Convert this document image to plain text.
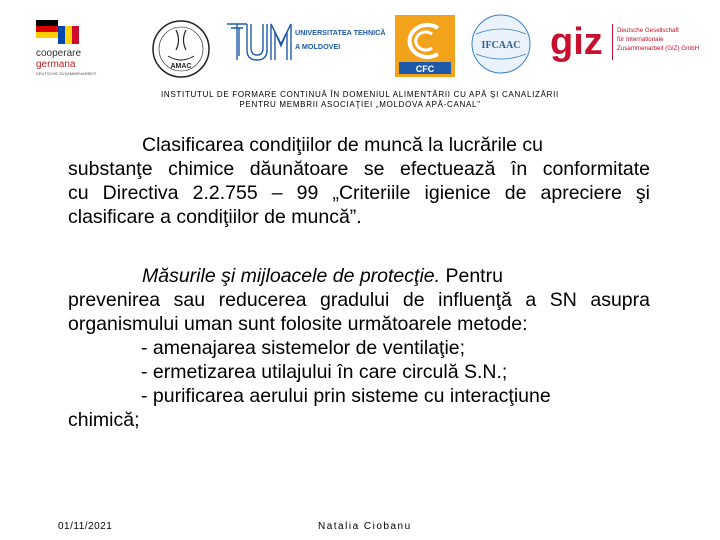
cooperare
germana
DEUTSCHE ZUSAMMENARBEIT
AMAC
UNIVERSITATEA TEHNICĂ
A MOLDOVEI
CFC
IFCAAC giz Deutsche Gesellschaft
für Internationale
Zusammenarbeit (GIZ) GmbH
INSTITUTUL DE FORMARE CONTINUĂ ÎN DOMENIUL ALIMENTĂRII CU APĂ ŞI CANALIZĂRII
PENTRU MEMBRII ASOCIAŢIEI „MOLDOVA APĂ-CANAL”
Clasificarea condiţiilor de muncă la lucrările cu
substanţe chimice dăunătoare se efectuează în conformitate
cu Directiva 2.2.755 – 99 „Criteriile igienice de apreciere şi
clasificare a condiţiilor de muncă”.
Măsurile şi mijloacele de protecţie. Pentru
prevenirea sau reducerea gradului de influenţă a SN asupra
organismului uman sunt folosite următoarele metode:
- amenajarea sistemelor de ventilaţie;
- ermetizarea utilajului în care circulă S.N.;
- purificarea aerului prin sisteme cu interacţiune
chimică;
01/11/2021	Natalia Ciobanu
